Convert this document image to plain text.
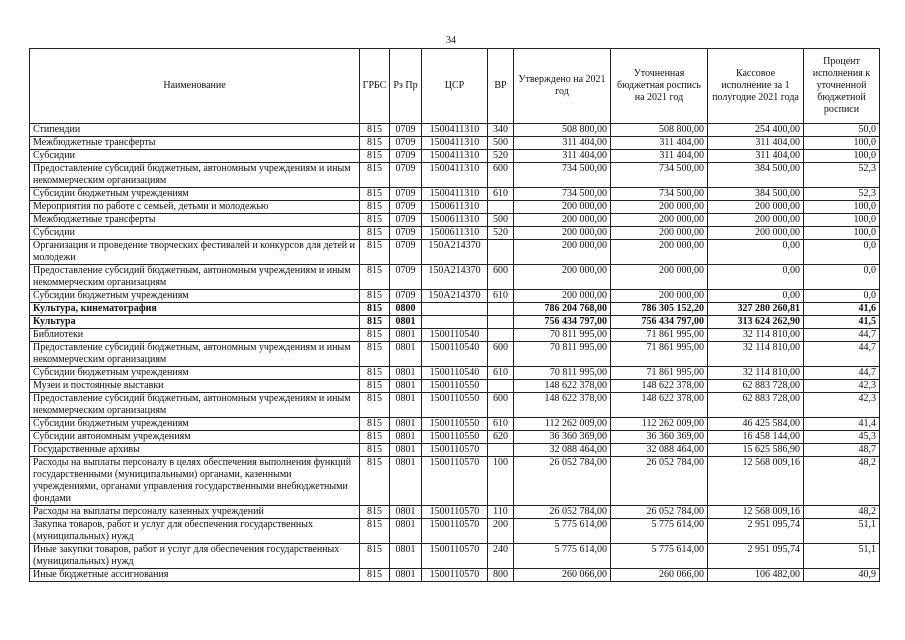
34
Наименование	ГРБС	Рз Пр	ЦСР	ВР	Утверждено на 2021 год	Уточненная бюджетная роспись на 2021 год	Кассовое исполнение за 1 полугодие 2021 года	Процент исполнения к уточненной бюджетной росписи
Стипендии	815	0709	1500411310	340	508 800,00	508 800,00	254 400,00	50,0
Межбюджетные трансферты	815	0709	1500411310	500	311 404,00	311 404,00	311 404,00	100,0
Субсидии	815	0709	1500411310	520	311 404,00	311 404,00	311 404,00	100,0
Предоставление субсидий бюджетным, автономным учреждениям и иным некоммерческим организациям	815	0709	1500411310	600	734 500,00	734 500,00	384 500,00	52,3
Субсидии бюджетным учреждениям	815	0709	1500411310	610	734 500,00	734 500,00	384 500,00	52,3
Мероприятия по работе с семьей, детьми и молодежью	815	0709	1500611310		200 000,00	200 000,00	200 000,00	100,0
Межбюджетные трансферты	815	0709	1500611310	500	200 000,00	200 000,00	200 000,00	100,0
Субсидии	815	0709	1500611310	520	200 000,00	200 000,00	200 000,00	100,0
Организация и проведение творческих фестивалей и конкурсов для детей и молодежи	815	0709	150A214370		200 000,00	200 000,00	0,00	0,0
Предоставление субсидий бюджетным, автономным учреждениям и иным некоммерческим организациям	815	0709	150A214370	600	200 000,00	200 000,00	0,00	0,0
Субсидии бюджетным учреждениям	815	0709	150A214370	610	200 000,00	200 000,00	0,00	0,0
Культура, кинематография	815	0800			786 204 768,00	786 305 152,20	327 280 260,81	41,6
Культура	815	0801			756 434 797,00	756 434 797,00	313 624 262,90	41,5
Библиотеки	815	0801	1500110540		70 811 995,00	71 861 995,00	32 114 810,00	44,7
Предоставление субсидий бюджетным, автономным учреждениям и иным некоммерческим организациям	815	0801	1500110540	600	70 811 995,00	71 861 995,00	32 114 810,00	44,7
Субсидии бюджетным учреждениям	815	0801	1500110540	610	70 811 995,00	71 861 995,00	32 114 810,00	44,7
Музеи и постоянные выставки	815	0801	1500110550		148 622 378,00	148 622 378,00	62 883 728,00	42,3
Предоставление субсидий бюджетным, автономным учреждениям и иным некоммерческим организациям	815	0801	1500110550	600	148 622 378,00	148 622 378,00	62 883 728,00	42,3
Субсидии бюджетным учреждениям	815	0801	1500110550	610	112 262 009,00	112 262 009,00	46 425 584,00	41,4
Субсидии автономным учреждениям	815	0801	1500110550	620	36 360 369,00	36 360 369,00	16 458 144,00	45,3
Государственные архивы	815	0801	1500110570		32 088 464,00	32 088 464,00	15 625 586,90	48,7
Расходы на выплаты персоналу в целях обеспечения выполнения функций государственными (муниципальными) органами, казенными учреждениями, органами управления государственными внебюджетными фондами	815	0801	1500110570	100	26 052 784,00	26 052 784,00	12 568 009,16	48,2
Расходы на выплаты персоналу казенных учреждений	815	0801	1500110570	110	26 052 784,00	26 052 784,00	12 568 009,16	48,2
Закупка товаров, работ и услуг для обеспечения государственных (муниципальных) нужд	815	0801	1500110570	200	5 775 614,00	5 775 614,00	2 951 095,74	51,1
Иные закупки товаров, работ и услуг для обеспечения государственных (муниципальных) нужд	815	0801	1500110570	240	5 775 614,00	5 775 614,00	2 951 095,74	51,1
Иные бюджетные ассигнования	815	0801	1500110570	800	260 066,00	260 066,00	106 482,00	40,9
